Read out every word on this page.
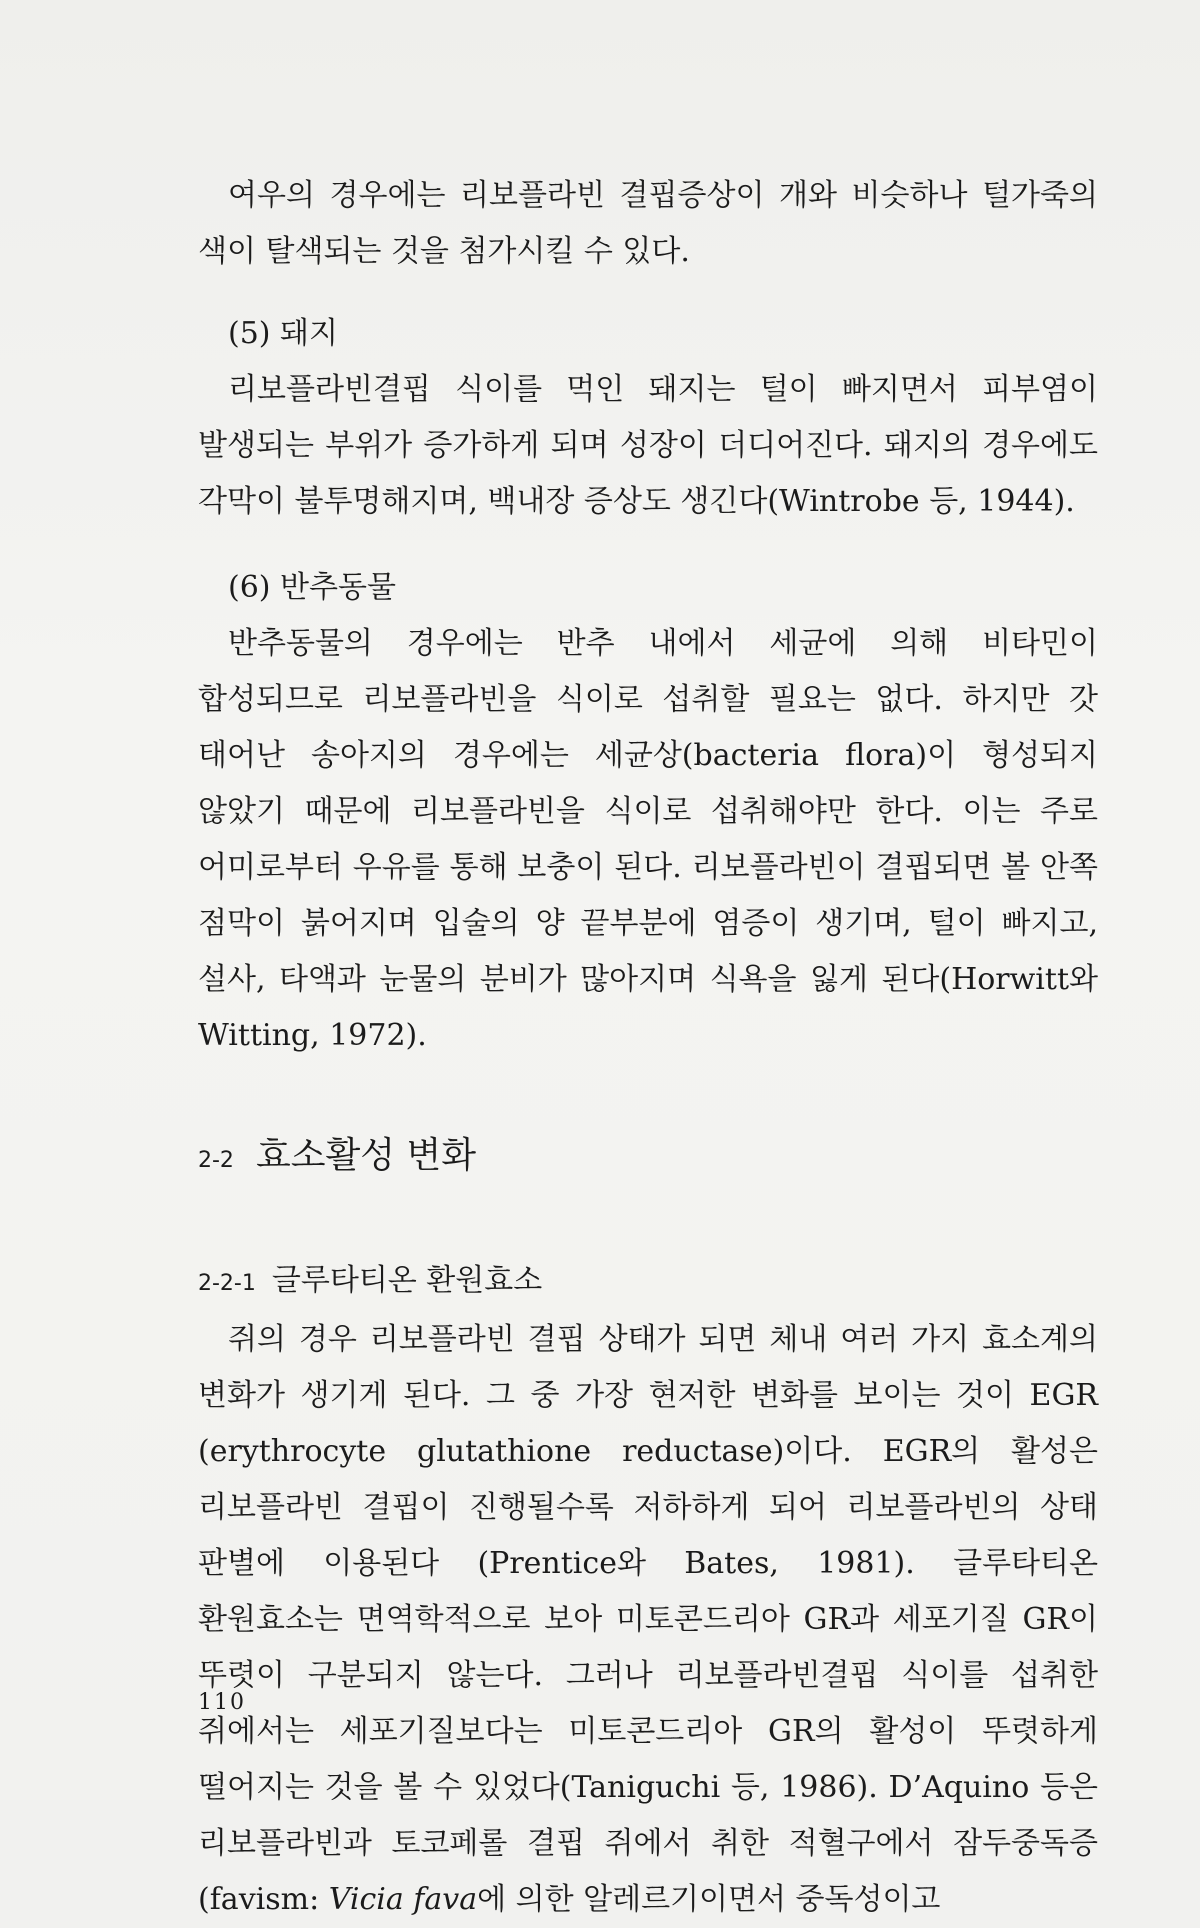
여우의 경우에는 리보플라빈 결핍증상이 개와 비슷하나 털가죽의 색이 탈색되는 것을 첨가시킬 수 있다.

(5) 돼지

리보플라빈결핍 식이를 먹인 돼지는 털이 빠지면서 피부염이 발생되는 부위가 증가하게 되며 성장이 더디어진다. 돼지의 경우에도 각막이 불투명해지며, 백내장 증상도 생긴다(Wintrobe 등, 1944).

(6) 반추동물

반추동물의 경우에는 반추 내에서 세균에 의해 비타민이 합성되므로 리보플라빈을 식이로 섭취할 필요는 없다. 하지만 갓 태어난 송아지의 경우에는 세균상(bacteria flora)이 형성되지 않았기 때문에 리보플라빈을 식이로 섭취해야만 한다. 이는 주로 어미로부터 우유를 통해 보충이 된다. 리보플라빈이 결핍되면 볼 안쪽 점막이 붉어지며 입술의 양 끝부분에 염증이 생기며, 털이 빠지고, 설사, 타액과 눈물의 분비가 많아지며 식욕을 잃게 된다(Horwitt와 Witting, 1972).

2-2 효소활성 변화
2-2-1 글루타티온 환원효소

쥐의 경우 리보플라빈 결핍 상태가 되면 체내 여러 가지 효소계의 변화가 생기게 된다. 그 중 가장 현저한 변화를 보이는 것이 EGR (erythrocyte glutathione reductase)이다. EGR의 활성은 리보플라빈 결핍이 진행될수록 저하하게 되어 리보플라빈의 상태 판별에 이용된다 (Prentice와 Bates, 1981). 글루타티온 환원효소는 면역학적으로 보아 미토콘드리아 GR과 세포기질 GR이 뚜렷이 구분되지 않는다. 그러나 리보플라빈결핍 식이를 섭취한 쥐에서는 세포기질보다는 미토콘드리아 GR의 활성이 뚜렷하게 떨어지는 것을 볼 수 있었다(Taniguchi 등, 1986). D’Aquino 등은 리보플라빈과 토코페롤 결핍 쥐에서 취한 적혈구에서 잠두중독증(favism: Vicia fava에 의한 알레르기이면서 중독성이고

110
